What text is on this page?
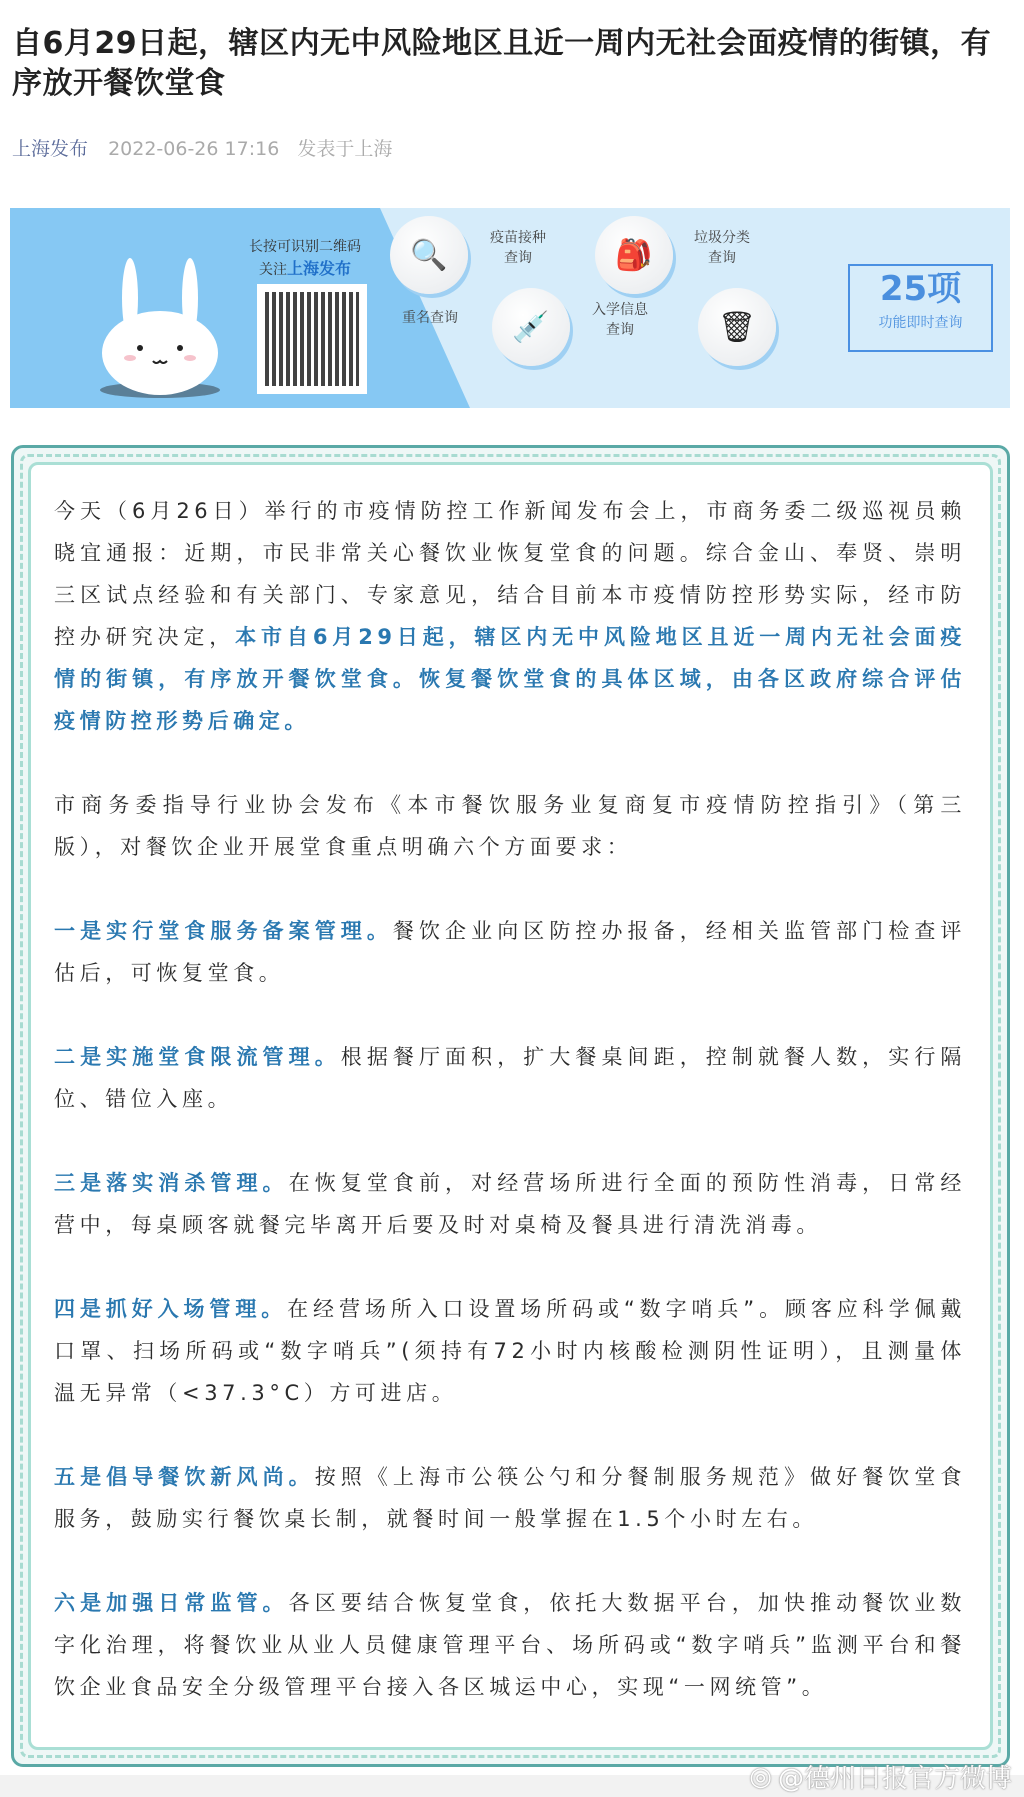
自6月29日起，辖区内无中风险地区且近一周内无社会面疫情的街镇，有序放开餐饮堂食
上海发布 2022-06-26 17:16 发表于上海
长按可识别二维码
关注上海发布	🔍
重名查询	💉
疫苗接种查询	🎒
入学信息查询	🗑
垃圾分类查询
25项
功能即时查询

今天（6月26日）举行的市疫情防控工作新闻发布会上，市商务委二级巡视员赖晓宜通报：近期，市民非常关心餐饮业恢复堂食的问题。综合金山、奉贤、崇明三区试点经验和有关部门、专家意见，结合目前本市疫情防控形势实际，经市防控办研究决定，本市自6月29日起，辖区内无中风险地区且近一周内无社会面疫情的街镇，有序放开餐饮堂食。恢复餐饮堂食的具体区域，由各区政府综合评估疫情防控形势后确定。

市商务委指导行业协会发布《本市餐饮服务业复商复市疫情防控指引》（第三版），对餐饮企业开展堂食重点明确六个方面要求：

一是实行堂食服务备案管理。餐饮企业向区防控办报备，经相关监管部门检查评估后，可恢复堂食。

二是实施堂食限流管理。根据餐厅面积，扩大餐桌间距，控制就餐人数，实行隔位、错位入座。

三是落实消杀管理。在恢复堂食前，对经营场所进行全面的预防性消毒，日常经营中，每桌顾客就餐完毕离开后要及时对桌椅及餐具进行清洗消毒。

四是抓好入场管理。在经营场所入口设置场所码或“数字哨兵”。顾客应科学佩戴口罩、扫场所码或“数字哨兵”(须持有72小时内核酸检测阴性证明），且测量体温无异常（<37.3°C）方可进店。

五是倡导餐饮新风尚。按照《上海市公筷公勺和分餐制服务规范》做好餐饮堂食服务，鼓励实行餐饮桌长制，就餐时间一般掌握在1.5个小时左右。

六是加强日常监管。各区要结合恢复堂食，依托大数据平台，加快推动餐饮业数字化治理，将餐饮业从业人员健康管理平台、场所码或“数字哨兵”监测平台和餐饮企业食品安全分级管理平台接入各区城运中心，实现“一网统管”。

◎ @德州日报官方微博
